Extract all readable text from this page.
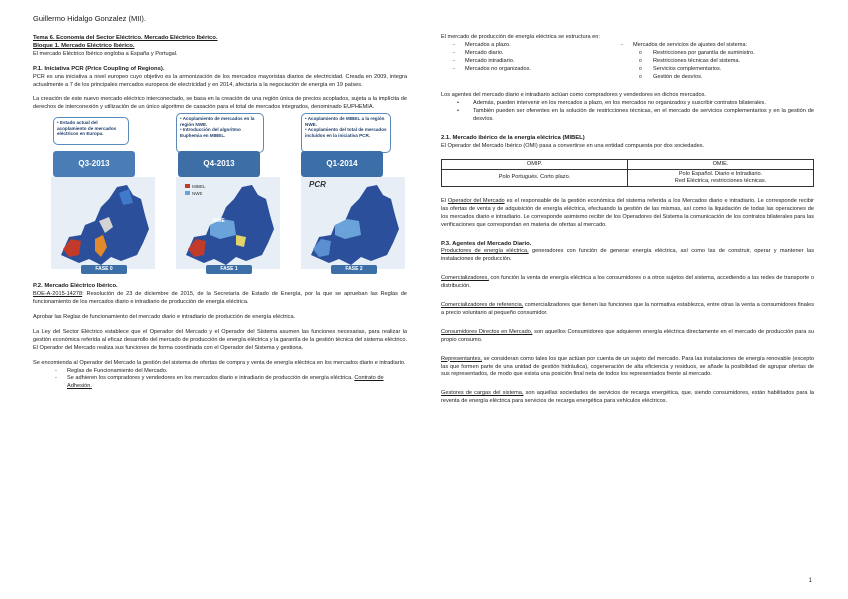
Guillermo Hidalgo Gonzalez (MII).
Tema 6. Economía del Sector Eléctrico. Mercado Eléctrico Ibérico.
Bloque 1. Mercado Eléctrico Ibérico.

El mercado Eléctrico Ibérico engloba a España y Portugal.

P.1. Iniciativa PCR (Price Coupling of Regions).

PCR es una iniciativa a nivel europeo cuyo objetivo es la armonización de los mercados mayoristas diarios de electricidad. Creada en 2009, integra actualmente a 7 de los principales mercados europeos de electricidad y en 2014, afectaría a la negociación de energía en 19 países.

La creación de este nuevo mercado eléctrico interconectado, se basa en la creación de una región única de precios acoplados, sujeta a la implícita de derechos de interconexión y utilización de un único algoritmo de casación para el total de mercados integrados, denominado EUPHEMIA.

• Estado actual del acoplamiento de mercados eléctricos en Europa.
• Acoplamiento de mercados en la región NWE.
• Introducción del algoritmo Euphemia en MIBEL.
• Acoplamiento de MIBEL a la región NWE.
• Acoplamiento del total de mercados incluidos en la iniciativa PCR.
Q3-2013	Q4-2013	Q1-2014
MIBEL
NWE
NWE
PCR
FASE 0	FASE 1	FASE 2
P.2. Mercado Eléctrico Ibérico.

BOE-A-2015-14278: Resolución de 23 de diciembre de 2015, de la Secretaría de Estado de Energía, por la que se aprueban las Reglas de funcionamiento de los mercados diario e intradiario de producción de energía eléctrica.

Aprobar las Reglas de funcionamiento del mercado diario e intradiario de producción de energía eléctrica.

La Ley del Sector Eléctrico establece que el Operador del Mercado y el Operador del Sistema asumen las funciones necesarias, para realizar la gestión económica referida al eficaz desarrollo del mercado de producción de energía eléctrica y la garantía de la gestión técnica del sistema eléctrico. El Operador del Mercado realiza sus funciones de forma coordinada con el Operador del Sistema y gestiona.

Se encomienda al Operador del Mercado la gestión del sistema de ofertas de compra y venta de energía eléctrica en los mercados diario e intradiario.

- Reglas de Funcionamiento del Mercado.
- Se adhieren los compradores y vendedores en los mercados diario e intradiario de producción de energía eléctrica. Contrato de Adhesión.

El mercado de producción de energía eléctrica se estructura en:

- Mercados a plazo.
- Mercado diario.
- Mercado intradiario.
- Mercados no organizados.
- Mercados de servicios de ajustes del sistema:
o Restricciones por garantía de suministro.
o Restricciones técnicas del sistema.
o Servicios complementarios.
o Gestión de desvíos.

Los agentes del mercado diario e intradiario actúan como compradores y vendedores en dichos mercados.

• Además, pueden intervenir en los mercados a plazo, en los mercados no organizados y suscribir contratos bilaterales.
• También pueden ser oferentes en la solución de restricciones técnicas, en el mercado de servicios complementarios y en la gestión de desvíos.
2.1. Mercado ibérico de la energía eléctrica (MIBEL)

El Operador del Mercado Ibérico (OMI) pasa a convertirse en una entidad compuesta por dos sociedades.

OMIP.	OMIE.
Polo Portugués. Corto plazo.	Polo Español. Diario e Intradiario.
Red Eléctrica, restricciones técnicas.

El Operador del Mercado es el responsable de la gestión económica del sistema referida a los Mercados diario e intradiario. Le corresponde recibir las ofertas de venta y de adquisición de energía eléctrica, efectuando la gestión de las mismas, así como la liquidación de todas las operaciones de los mercados diario e intradiario. Le corresponde asimismo recibir de los Operadores del Sistema la comunicación de los contratos bilaterales para las verificaciones que correspondan en materia de ofertas al mercado.

P.3. Agentes del Mercado Diario.

Productores de energía eléctrica, generadores con función de generar energía eléctrica, así como las de construir, operar y mantener las instalaciones de producción.

Comercializadores, con función la venta de energía eléctrica a los consumidores o a otros sujetos del sistema, accediendo a las redes de transporte o distribución.

Comercializadores de referencia, comercializadores que tienen las funciones que la normativa establezca, entre otras la venta a consumidores finales a precio voluntario al pequeño consumidor.

Consumidores Directos en Mercado, son aquellos Consumidores que adquieren energía eléctrica directamente en el mercado de producción para su propio consumo.

Representantes, se consideran como tales los que actúan por cuenta de un sujeto del mercado. Para las instalaciones de energía renovable (excepto las que formen parte de una unidad de gestión hidráulica), cogeneración de alta eficiencia y residuos, se añade la posibilidad de agrupar ofertas de sus representados, de modo que exista una posición final neta de todos los representados frente al mercado.

Gestores de cargas del sistema, son aquellas sociedades de servicios de recarga energética, que, siendo consumidores, están habilitados para la reventa de energía eléctrica para servicios de recarga energética para vehículos eléctricos.

1
